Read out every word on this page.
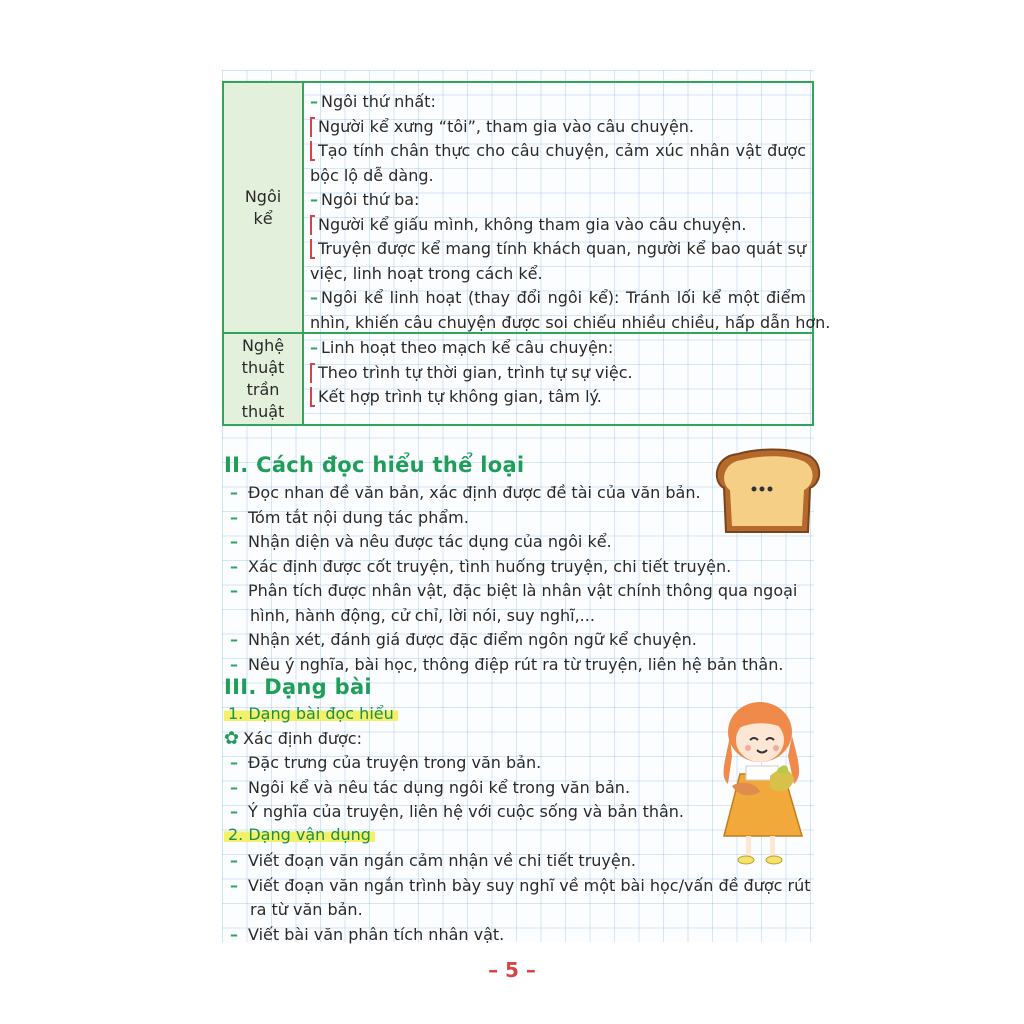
Ngôi
kể
– Ngôi thứ nhất:
Người kể xưng “tôi”, tham gia vào câu chuyện.
Tạo tính chân thực cho câu chuyện, cảm xúc nhân vật được
bộc lộ dễ dàng.
– Ngôi thứ ba:
Người kể giấu mình, không tham gia vào câu chuyện.
Truyện được kể mang tính khách quan, người kể bao quát sự
việc, linh hoạt trong cách kể.
– Ngôi kể linh hoạt (thay đổi ngôi kể): Tránh lối kể một điểm
nhìn, khiến câu chuyện được soi chiếu nhiều chiều, hấp dẫn hơn.
Nghệ
thuật
trần
thuật
– Linh hoạt theo mạch kể câu chuyện:
Theo trình tự thời gian, trình tự sự việc.
Kết hợp trình tự không gian, tâm lý.
II. Cách đọc hiểu thể loại
– Đọc nhan đề văn bản, xác định được đề tài của văn bản.
– Tóm tắt nội dung tác phẩm.
– Nhận diện và nêu được tác dụng của ngôi kể.
– Xác định được cốt truyện, tình huống truyện, chi tiết truyện.
– Phân tích được nhân vật, đặc biệt là nhân vật chính thông qua ngoại
hình, hành động, cử chỉ, lời nói, suy nghĩ,...
– Nhận xét, đánh giá được đặc điểm ngôn ngữ kể chuyện.
– Nêu ý nghĩa, bài học, thông điệp rút ra từ truyện, liên hệ bản thân.
III. Dạng bài
1. Dạng bài đọc hiểu
✿ Xác định được:
– Đặc trưng của truyện trong văn bản.
– Ngôi kể và nêu tác dụng ngôi kể trong văn bản.
– Ý nghĩa của truyện, liên hệ với cuộc sống và bản thân.
2. Dạng vận dụng
– Viết đoạn văn ngắn cảm nhận về chi tiết truyện.
– Viết đoạn văn ngắn trình bày suy nghĩ về một bài học/vấn đề được rút
ra từ văn bản.
– Viết bài văn phân tích nhân vật.
– 5 –
